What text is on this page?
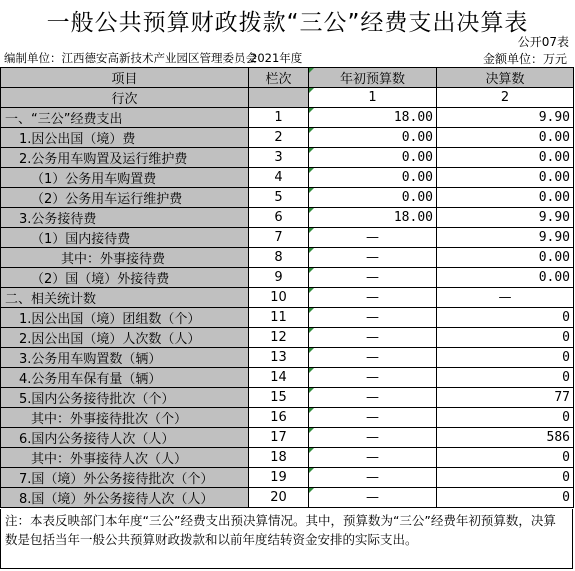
一般公共预算财政拨款“三公”经费支出决算表
公开07表
编制单位：江西德安高新技术产业园区管理委员会
2021年度	金额单位：万元
项目	栏次	年初预算数	决算数
行次		1	2
一、“三公”经费支出	1	18.00	9.90
1.因公出国（境）费	2	0.00	0.00
2.公务用车购置及运行维护费	3	0.00	0.00
（1）公务用车购置费	4	0.00	0.00
（2）公务用车运行维护费	5	0.00	0.00
3.公务接待费	6	18.00	9.90
（1）国内接待费	7	—	9.90
其中：外事接待费	8	—	0.00
（2）国（境）外接待费	9	—	0.00
二、相关统计数	10	—	—
1.因公出国（境）团组数（个）	11	—	0
2.因公出国（境）人次数（人）	12	—	0
3.公务用车购置数（辆）	13	—	0
4.公务用车保有量（辆）	14	—	0
5.国内公务接待批次（个）	15	—	77
其中：外事接待批次（个）	16	—	0
6.国内公务接待人次（人）	17	—	586
其中：外事接待人次（人）	18	—	0
7.国（境）外公务接待批次（个）	19	—	0
8.国（境）外公务接待人次（人）	20	—	0
注：本表反映部门本年度“三公”经费支出预决算情况。其中，预算数为“三公”经费年初预算数，决算数是包括当年一般公共预算财政拨款和以前年度结转资金安排的实际支出。
